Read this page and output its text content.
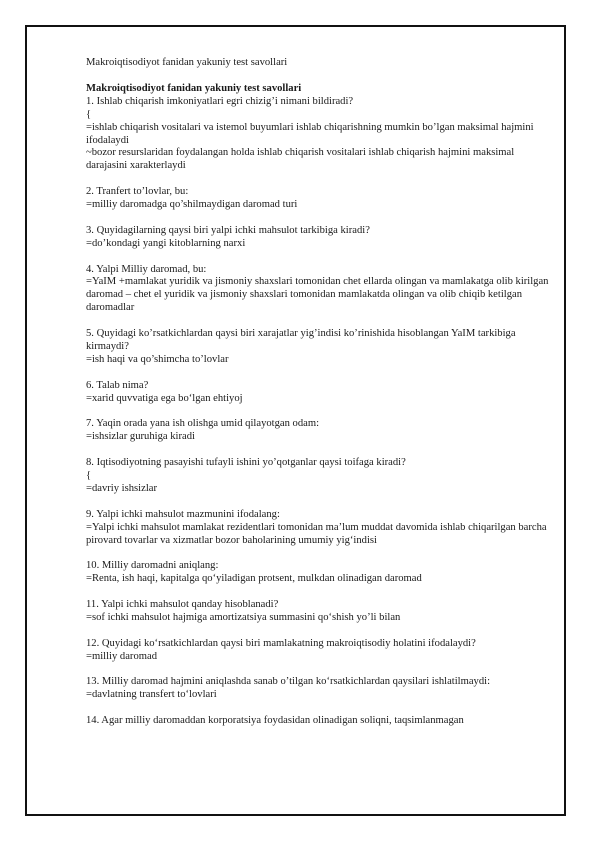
Makroiqtisodiyot fanidan yakuniy test savollari

Makroiqtisodiyot fanidan yakuniy test savollari

1. Ishlab chiqarish imkoniyatlari egri chizig’i nimani bildiradi?

{

=ishlab chiqarish vositalari va istemol buyumlari ishlab chiqarishning mumkin bo’lgan maksimal hajmini ifodalaydi

~bozor resurslaridan foydalangan holda ishlab chiqarish vositalari ishlab chiqarish hajmini maksimal darajasini xarakterlaydi

2. Tranfert to’lovlar, bu:

=milliy daromadga qo’shilmaydigan daromad turi

3. Quyidagilarning qaysi biri yalpi ichki mahsulot tarkibiga kiradi?

=do’kondagi yangi kitoblarning narxi

4. Yalpi Milliy daromad, bu:

=YaIM +mamlakat yuridik va jismoniy shaxslari tomonidan chet ellarda olingan va mamlakatga olib kirilgan daromad – chet el yuridik va jismoniy shaxslari tomonidan mamlakatda olingan va olib chiqib ketilgan daromadlar

5. Quyidagi ko’rsatkichlardan qaysi biri xarajatlar yig’indisi ko’rinishida hisoblangan YaIM tarkibiga kirmaydi?

=ish haqi va qo’shimcha to’lovlar

6. Talab nima?

=xarid quvvatiga ega bo‘lgan ehtiyoj

7. Yaqin orada yana ish olishga umid qilayotgan odam:

=ishsizlar guruhiga kiradi

8. Iqtisodiyotning pasayishi tufayli ishini yo’qotganlar qaysi toifaga kiradi?

{

=davriy ishsizlar

9. Yalpi ichki mahsulot mazmunini ifodalang:

=Yalpi ichki mahsulot mamlakat rezidentlari tomonidan ma’lum muddat davomida ishlab chiqarilgan barcha pirovard tovarlar va xizmatlar bozor baholarining umumiy yig‘indisi

10. Milliy daromadni aniqlang:

=Renta, ish haqi, kapitalga qo‘yiladigan protsent, mulkdan olinadigan daromad

11. Yalpi ichki mahsulot qanday hisoblanadi?

=sof ichki mahsulot hajmiga amortizatsiya summasini qo‘shish yo’li bilan

12. Quyidagi ko‘rsatkichlardan qaysi biri mamlakatning makroiqtisodiy holatini ifodalaydi?

=milliy daromad

13. Milliy daromad hajmini aniqlashda sanab o’tilgan ko‘rsatkichlardan qaysilari ishlatilmaydi:

=davlatning transfert to‘lovlari

14. Agar milliy daromaddan korporatsiya foydasidan olinadigan soliqni, taqsimlanmagan
